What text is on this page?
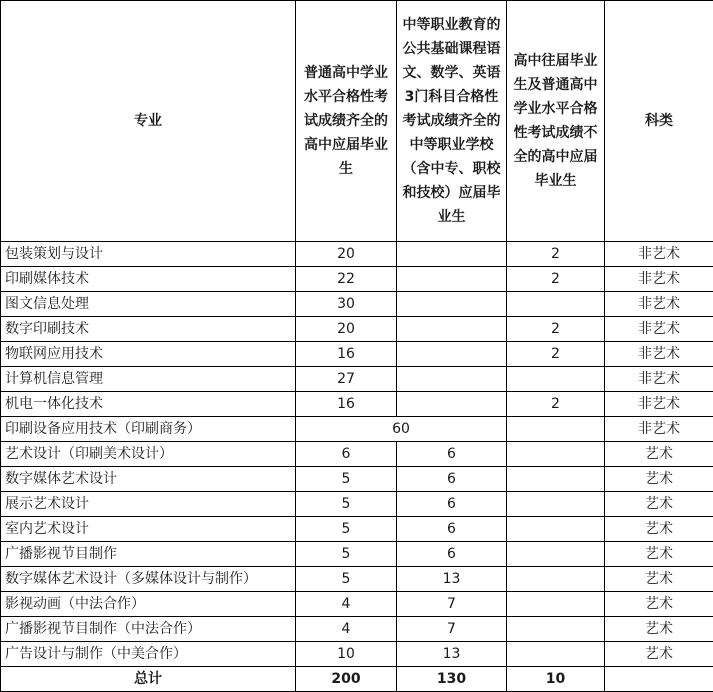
专业	普通高中学业水平合格性考试成绩齐全的高中应届毕业生	中等职业教育的公共基础课程语文、数学、英语3门科目合格性考试成绩齐全的中等职业学校（含中专、职校和技校）应届毕业生	高中往届毕业生及普通高中学业水平合格性考试成绩不全的高中应届毕业生	科类
包装策划与设计	20		2	非艺术
印刷媒体技术	22		2	非艺术
图文信息处理	30			非艺术
数字印刷技术	20		2	非艺术
物联网应用技术	16		2	非艺术
计算机信息管理	27			非艺术
机电一体化技术	16		2	非艺术
印刷设备应用技术（印刷商务）	60			非艺术
艺术设计（印刷美术设计）	6	6		艺术
数字媒体艺术设计	5	6		艺术
展示艺术设计	5	6		艺术
室内艺术设计	5	6		艺术
广播影视节目制作	5	6		艺术
数字媒体艺术设计（多媒体设计与制作）	5	13		艺术
影视动画（中法合作）	4	7		艺术
广播影视节目制作（中法合作）	4	7		艺术
广告设计与制作（中美合作）	10	13		艺术
总计	200	130	10	
